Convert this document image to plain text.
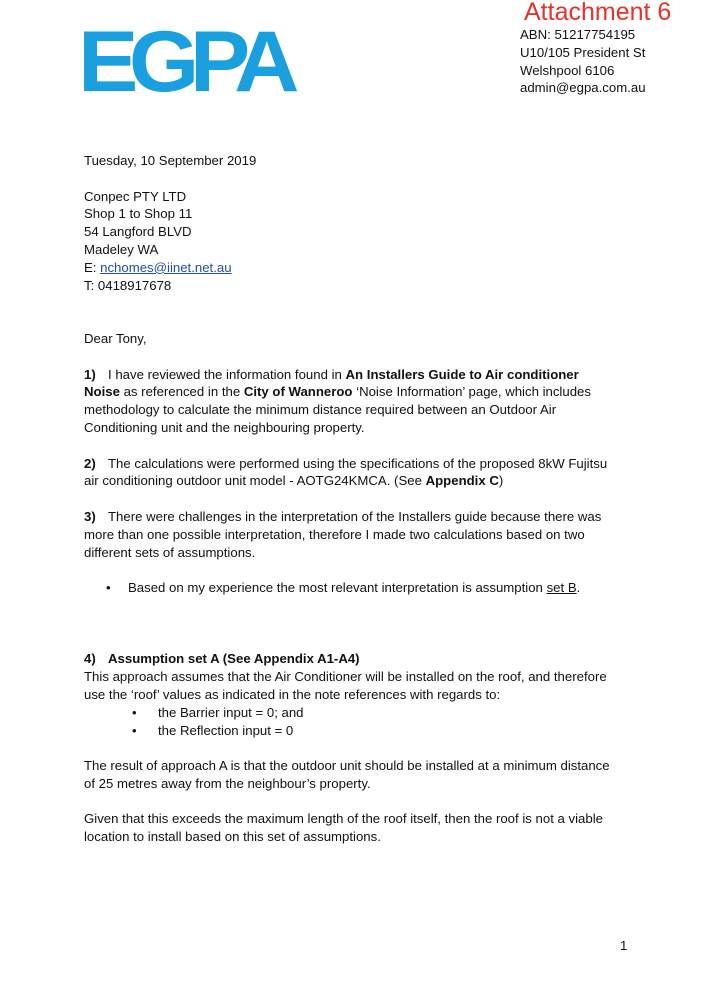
Attachment 6
EGPA	ABN: 51217754195
U10/105 President St
Welshpool 6106
admin@egpa.com.au
Tuesday, 10 September 2019
Conpec PTY LTD
Shop 1 to Shop 11
54 Langford BLVD
Madeley WA
E: nchomes@iinet.net.au
T: 0418917678
Dear Tony,
1) I have reviewed the information found in An Installers Guide to Air conditioner
Noise as referenced in the City of Wanneroo ‘Noise Information’ page, which includes
methodology to calculate the minimum distance required between an Outdoor Air
Conditioning unit and the neighbouring property.
2) The calculations were performed using the specifications of the proposed 8kW Fujitsu
air conditioning outdoor unit model - AOTG24KMCA. (See Appendix C)
3) There were challenges in the interpretation of the Installers guide because there was
more than one possible interpretation, therefore I made two calculations based on two
different sets of assumptions.
• Based on my experience the most relevant interpretation is assumption set B.
4) Assumption set A (See Appendix A1-A4)
This approach assumes that the Air Conditioner will be installed on the roof, and therefore
use the ‘roof’ values as indicated in the note references with regards to:
• the Barrier input = 0; and
• the Reflection input = 0
The result of approach A is that the outdoor unit should be installed at a minimum distance
of 25 metres away from the neighbour’s property.
Given that this exceeds the maximum length of the roof itself, then the roof is not a viable
location to install based on this set of assumptions.
1
